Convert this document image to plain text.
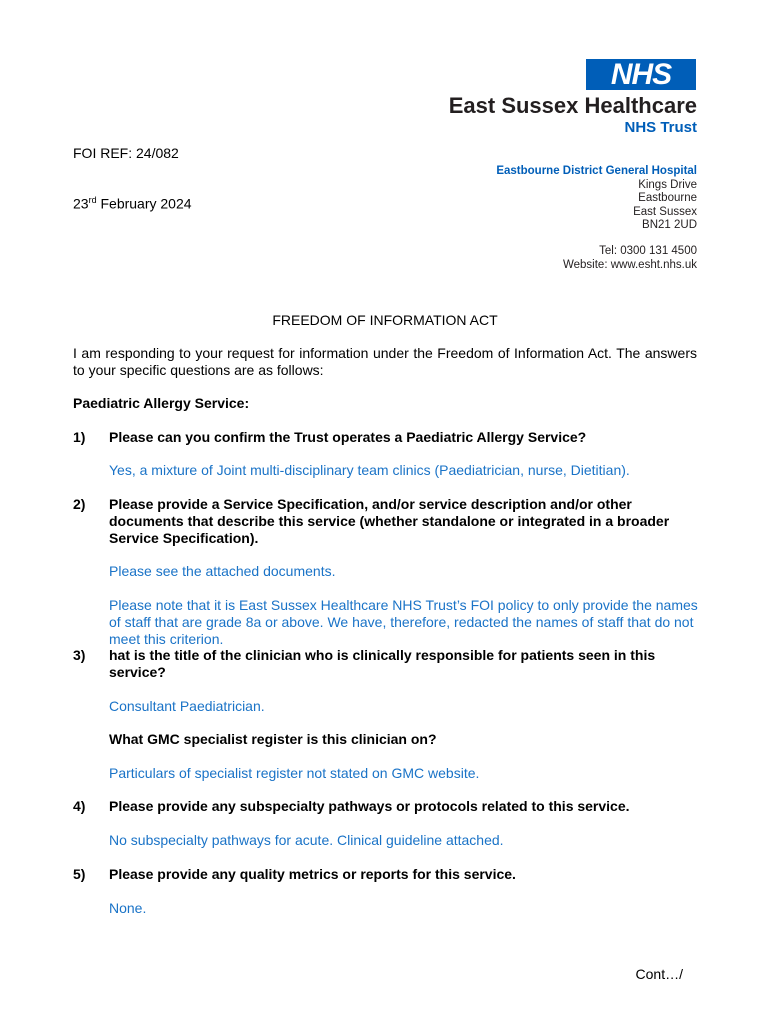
NHS
East Sussex Healthcare
NHS Trust
Eastbourne District General Hospital
Kings Drive
Eastbourne
East Sussex
BN21 2UD
Tel: 0300 131 4500
Website: www.esht.nhs.uk
FOI REF: 24/082
23rd February 2024
FREEDOM OF INFORMATION ACT
I am responding to your request for information under the Freedom of Information Act. The answers to your specific questions are as follows:
Paediatric Allergy Service:
1) Please can you confirm the Trust operates a Paediatric Allergy Service?
Yes, a mixture of Joint multi-disciplinary team clinics (Paediatrician, nurse, Dietitian).
2) Please provide a Service Specification, and/or service description and/or other documents that describe this service (whether standalone or integrated in a broader Service Specification).
Please see the attached documents.
Please note that it is East Sussex Healthcare NHS Trust’s FOI policy to only provide the names of staff that are grade 8a or above. We have, therefore, redacted the names of staff that do not meet this criterion.
3) hat is the title of the clinician who is clinically responsible for patients seen in this service?
Consultant Paediatrician.
What GMC specialist register is this clinician on?
Particulars of specialist register not stated on GMC website.
4) Please provide any subspecialty pathways or protocols related to this service.
No subspecialty pathways for acute. Clinical guideline attached.
5) Please provide any quality metrics or reports for this service.
None.
Cont…/
